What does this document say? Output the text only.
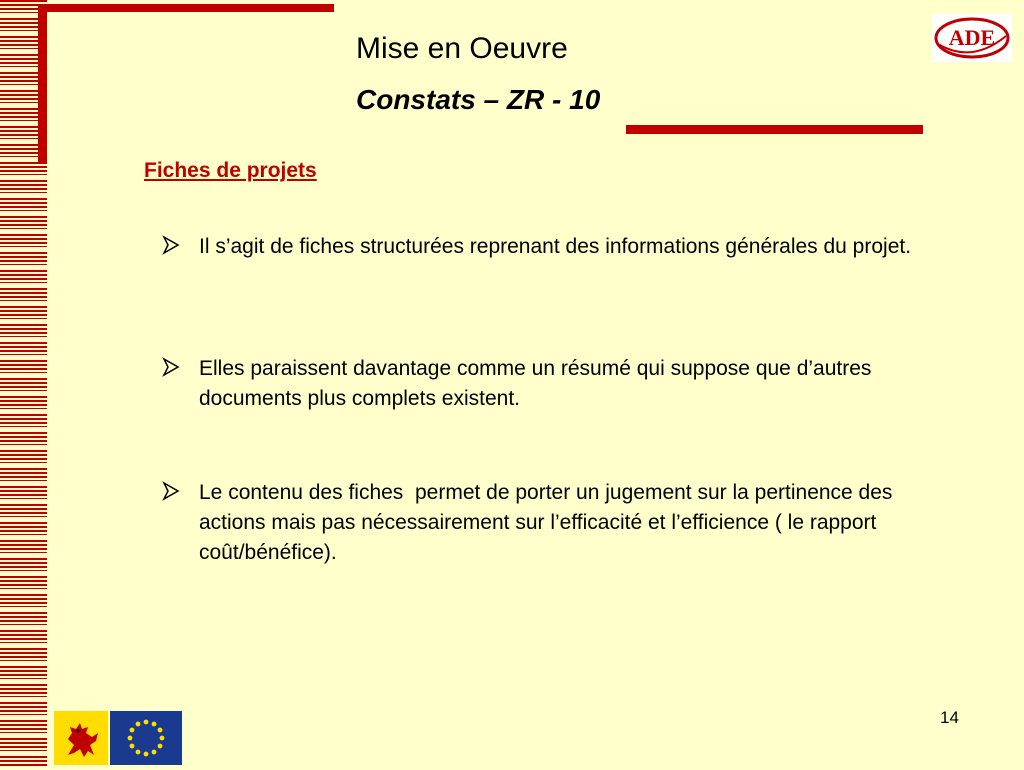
Mise en Oeuvre
Constats – ZR - 10
ADE
Fiches de projets
Il s’agit de fiches structurées reprenant des informations générales du projet.
Elles paraissent davantage comme un résumé qui suppose que d’autres documents plus complets existent.
Le contenu des fiches  permet de porter un jugement sur la pertinence des actions mais pas nécessairement sur l’efficacité et l’efficience ( le rapport coût/bénéfice).
14
